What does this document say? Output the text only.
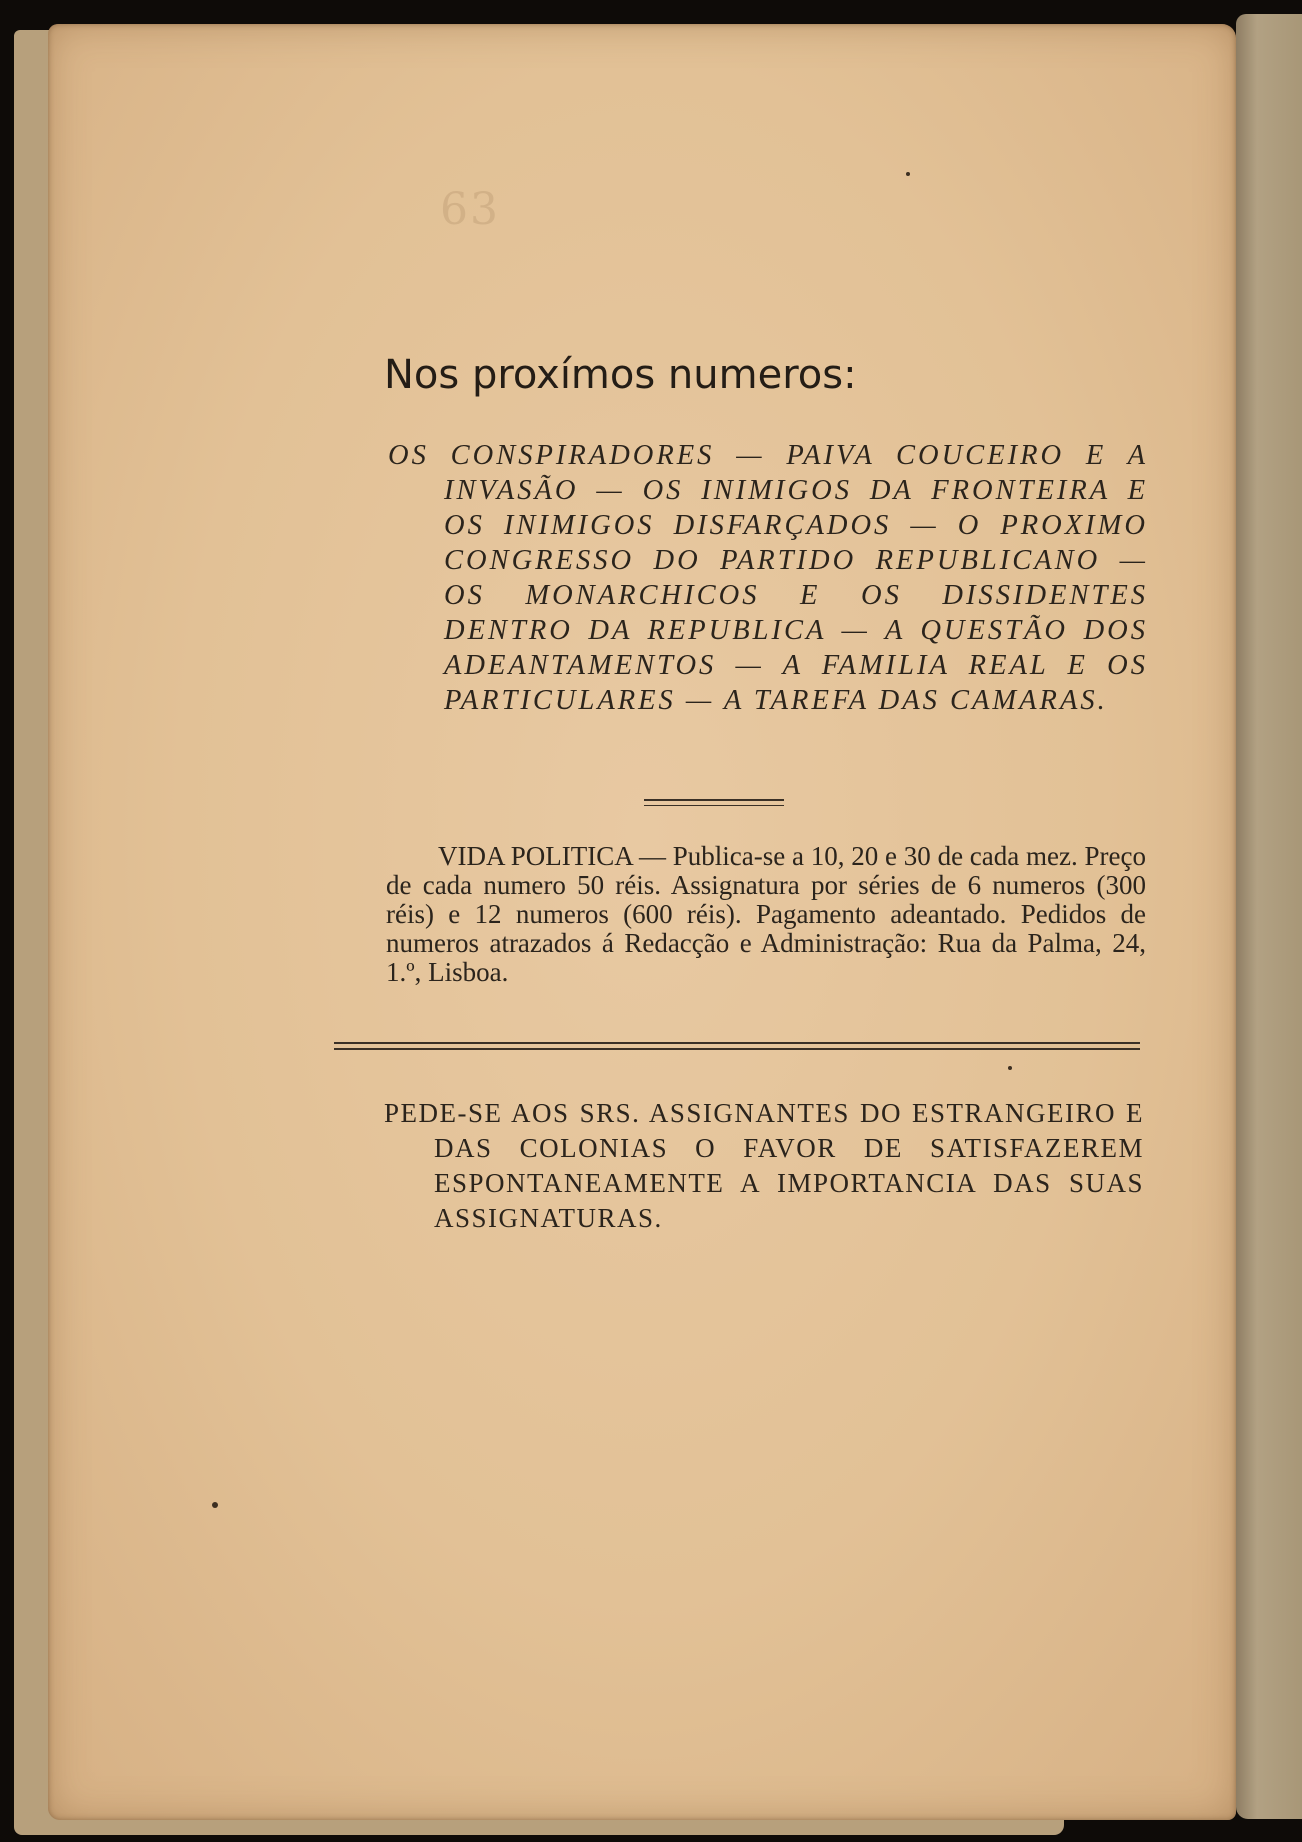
63
Nos proxímos numeros:

OS CONSPIRADORES — PAIVA COUCEIRO E A INVASÃO — OS INIMIGOS DA FRONTEIRA E OS INIMIGOS DISFARÇADOS — O PROXIMO CONGRESSO DO PARTIDO REPUBLICANO — OS MONARCHICOS E OS DISSIDENTES DENTRO DA REPUBLICA — A QUESTÃO DOS ADEANTAMENTOS — A FAMILIA REAL E OS PARTICULARES — A TAREFA DAS CAMARAS.

VIDA POLITICA — Publica-se a 10, 20 e 30 de cada mez. Preço de cada numero 50 réis. Assignatura por séries de 6 numeros (300 réis) e 12 numeros (600 réis). Pagamento adeantado. Pedidos de numeros atrazados á Redacção e Administração: Rua da Palma, 24, 1.º, Lisboa.

PEDE-SE AOS SRS. ASSIGNANTES DO ESTRANGEIRO E DAS COLONIAS O FAVOR DE SATISFAZEREM ESPONTANEAMENTE A IMPORTANCIA DAS SUAS ASSIGNATURAS.
